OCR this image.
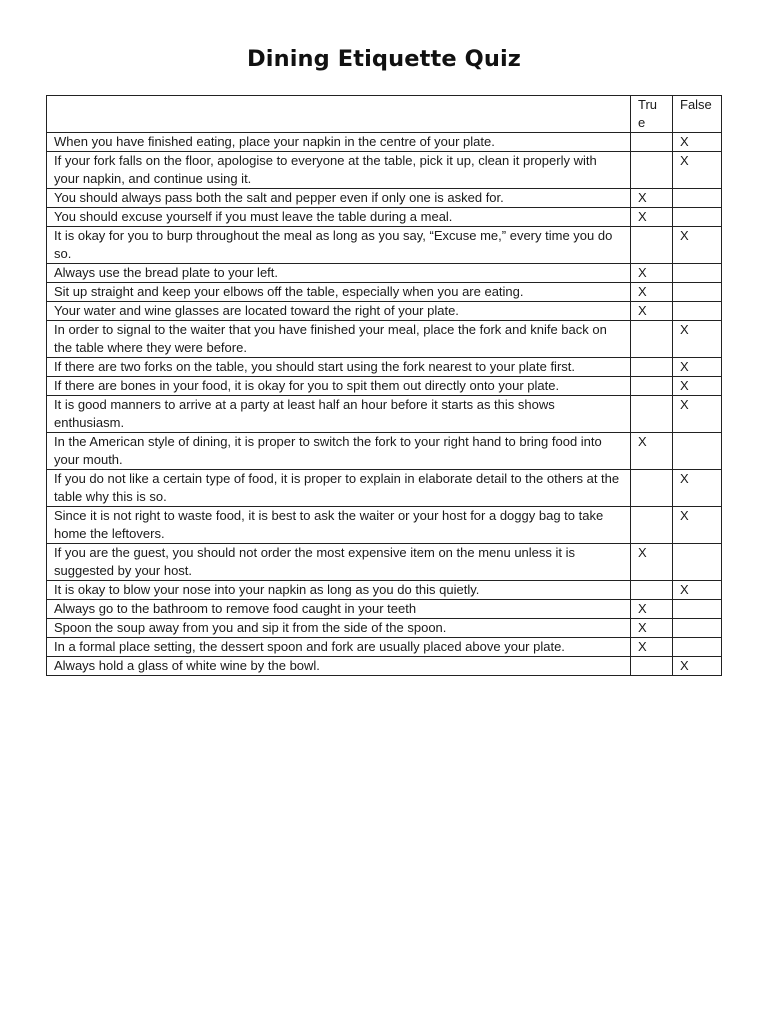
Dining Etiquette Quiz

	Tru e	False
When you have finished eating, place your napkin in the centre of your plate.		X
If your fork falls on the floor, apologise to everyone at the table, pick it up, clean it properly with your napkin, and continue using it.		X
You should always pass both the salt and pepper even if only one is asked for.	X	
You should excuse yourself if you must leave the table during a meal.	X	
It is okay for you to burp throughout the meal as long as you say, “Excuse me,” every time you do so.		X
Always use the bread plate to your left.	X	
Sit up straight and keep your elbows off the table, especially when you are eating.	X	
Your water and wine glasses are located toward the right of your plate.	X	
In order to signal to the waiter that you have finished your meal, place the fork and knife back on the table where they were before.		X
If there are two forks on the table, you should start using the fork nearest to your plate first.		X
If there are bones in your food, it is okay for you to spit them out directly onto your plate.		X
It is good manners to arrive at a party at least half an hour before it starts as this shows enthusiasm.		X
In the American style of dining, it is proper to switch the fork to your right hand to bring food into your mouth.	X	
If you do not like a certain type of food, it is proper to explain in elaborate detail to the others at the table why this is so.		X
Since it is not right to waste food, it is best to ask the waiter or your host for a doggy bag to take home the leftovers.		X
If you are the guest, you should not order the most expensive item on the menu unless it is suggested by your host.	X	
It is okay to blow your nose into your napkin as long as you do this quietly.		X
Always go to the bathroom to remove food caught in your teeth	X	
Spoon the soup away from you and sip it from the side of the spoon.	X	
In a formal place setting, the dessert spoon and fork are usually placed above your plate.	X	
Always hold a glass of white wine by the bowl.		X
